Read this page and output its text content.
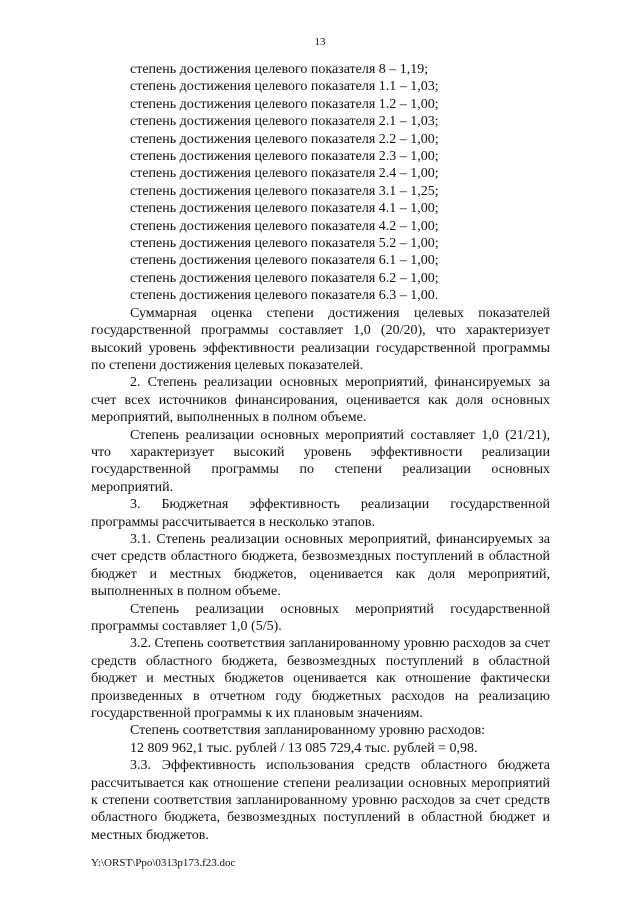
13
степень достижения целевого показателя 8 – 1,19;
степень достижения целевого показателя 1.1 – 1,03;
степень достижения целевого показателя 1.2 – 1,00;
степень достижения целевого показателя 2.1 – 1,03;
степень достижения целевого показателя 2.2 – 1,00;
степень достижения целевого показателя 2.3 – 1,00;
степень достижения целевого показателя 2.4 – 1,00;
степень достижения целевого показателя 3.1 – 1,25;
степень достижения целевого показателя 4.1 – 1,00;
степень достижения целевого показателя 4.2 – 1,00;
степень достижения целевого показателя 5.2 – 1,00;
степень достижения целевого показателя 6.1 – 1,00;
степень достижения целевого показателя 6.2 – 1,00;
степень достижения целевого показателя 6.3 – 1,00.

Суммарная оценка степени достижения целевых показателей государственной программы составляет 1,0 (20/20), что характеризует высокий уровень эффективности реализации государственной программы по степени достижения целевых показателей.

2. Степень реализации основных мероприятий, финансируемых за счет всех источников финансирования, оценивается как доля основных мероприятий, выполненных в полном объеме.

Степень реализации основных мероприятий составляет 1,0 (21/21), что характеризует высокий уровень эффективности реализации государственной программы по степени реализации основных мероприятий.

3. Бюджетная эффективность реализации государственной программы рассчитывается в несколько этапов.

3.1. Степень реализации основных мероприятий, финансируемых за счет средств областного бюджета, безвозмездных поступлений в областной бюджет и местных бюджетов, оценивается как доля мероприятий, выполненных в полном объеме.

Степень реализации основных мероприятий государственной программы составляет 1,0 (5/5).

3.2. Степень соответствия запланированному уровню расходов за счет средств областного бюджета, безвозмездных поступлений в областной бюджет и местных бюджетов оценивается как отношение фактически произведенных в отчетном году бюджетных расходов на реализацию государственной программы к их плановым значениям.

Степень соответствия запланированному уровню расходов:

12 809 962,1 тыс. рублей / 13 085 729,4 тыс. рублей = 0,98.

3.3. Эффективность использования средств областного бюджета рассчитывается как отношение степени реализации основных мероприятий к степени соответствия запланированному уровню расходов за счет средств областного бюджета, безвозмездных поступлений в областной бюджет и местных бюджетов.

Y:\ORST\Ppo\0313p173.f23.doc
